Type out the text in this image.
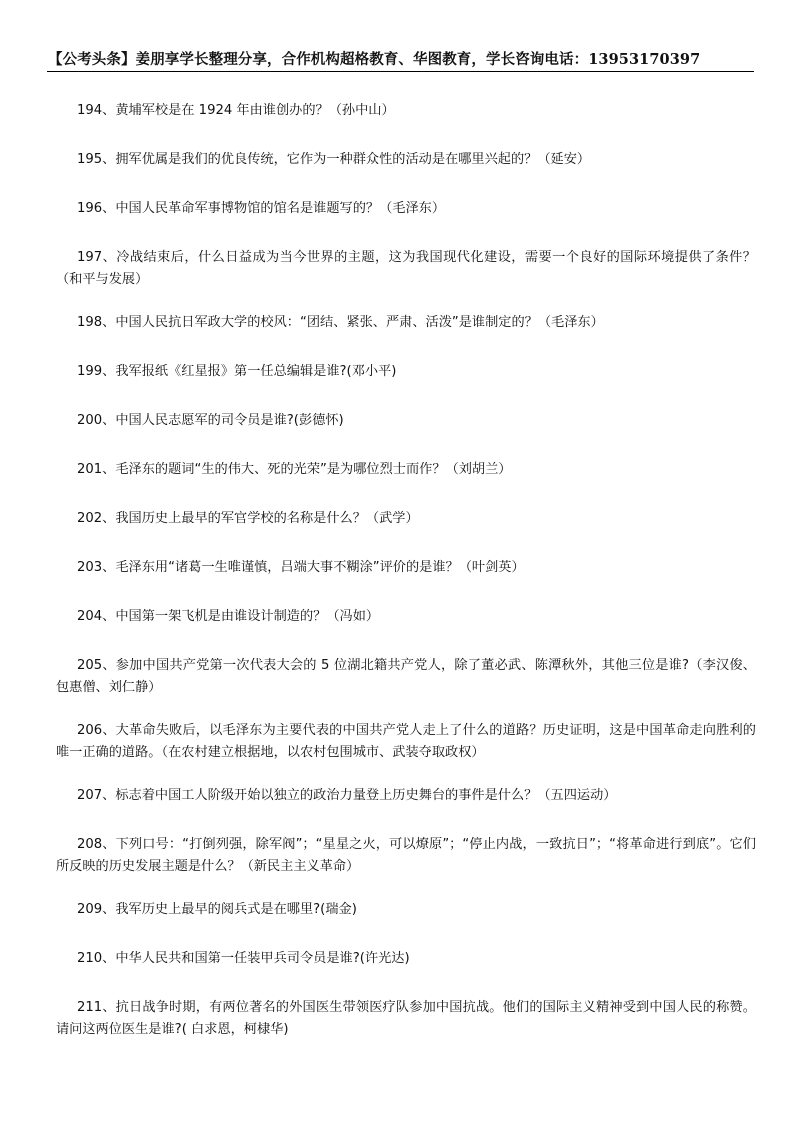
【公考头条】姜朋享学长整理分享，合作机构超格教育、华图教育，学长咨询电话：13953170397

194、黄埔军校是在 1924 年由谁创办的？（孙中山）

195、拥军优属是我们的优良传统，它作为一种群众性的活动是在哪里兴起的？（延安）

196、中国人民革命军事博物馆的馆名是谁题写的？（毛泽东）

197、冷战结束后，什么日益成为当今世界的主题，这为我国现代化建设，需要一个良好的国际环境提供了条件？（和平与发展）

198、中国人民抗日军政大学的校风：“团结、紧张、严肃、活泼”是谁制定的？（毛泽东）

199、我军报纸《红星报》第一任总编辑是谁?(邓小平)

200、中国人民志愿军的司令员是谁?(彭德怀)

201、毛泽东的题词“生的伟大、死的光荣”是为哪位烈士而作？（刘胡兰）

202、我国历史上最早的军官学校的名称是什么？（武学）

203、毛泽东用“诸葛一生唯谨慎，吕端大事不糊涂”评价的是谁？（叶剑英）

204、中国第一架飞机是由谁设计制造的？（冯如）

205、参加中国共产党第一次代表大会的 5 位湖北籍共产党人，除了董必武、陈潭秋外，其他三位是谁?（李汉俊、包惠僧、刘仁静）

206、大革命失败后，以毛泽东为主要代表的中国共产党人走上了什么的道路？历史证明，这是中国革命走向胜利的唯一正确的道路。（在农村建立根据地，以农村包围城市、武装夺取政权）

207、标志着中国工人阶级开始以独立的政治力量登上历史舞台的事件是什么？（五四运动）

208、下列口号：“打倒列强，除军阀”；“星星之火，可以燎原”；“停止内战，一致抗日”；“将革命进行到底”。它们所反映的历史发展主题是什么？（新民主主义革命）

209、我军历史上最早的阅兵式是在哪里?(瑞金)

210、中华人民共和国第一任装甲兵司令员是谁?(许光达)

211、抗日战争时期，有两位著名的外国医生带领医疗队参加中国抗战。他们的国际主义精神受到中国人民的称赞。请问这两位医生是谁?( 白求恩，柯棣华)
